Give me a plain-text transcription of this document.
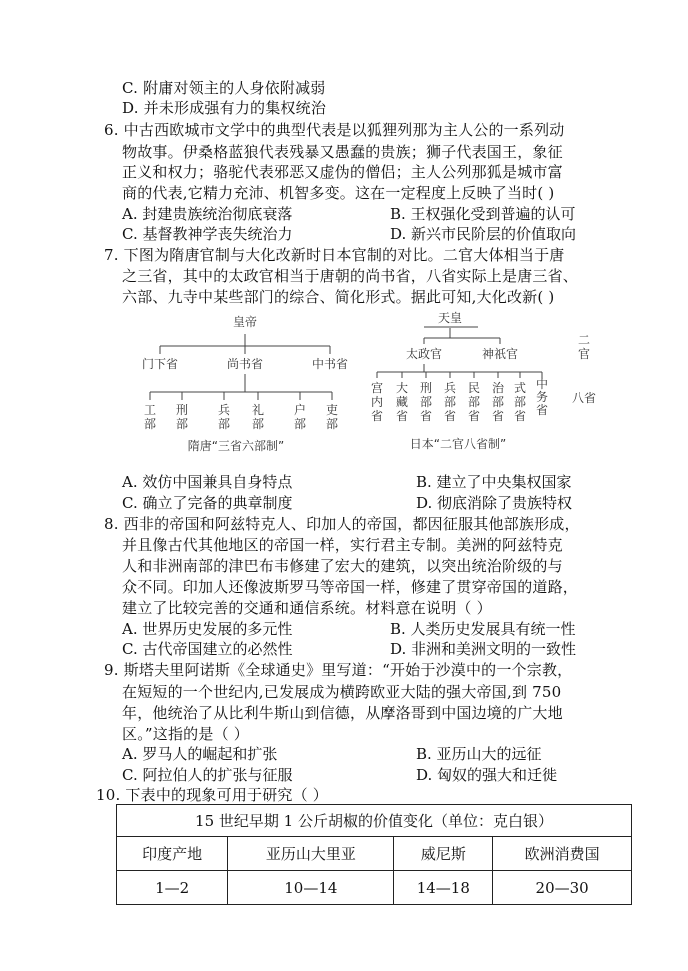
C. 附庸对领主的人身依附减弱
D. 并未形成强有力的集权统治
6. 中古西欧城市文学中的典型代表是以狐狸列那为主人公的一系列动
物故事。伊桑格蓝狼代表残暴又愚蠢的贵族；狮子代表国王，象征
正义和权力；骆驼代表邪恶又虚伪的僧侣；主人公列那狐是城市富
商的代表,它精力充沛、机智多变。这在一定程度上反映了当时( )
A. 封建贵族统治彻底衰落	B. 王权强化受到普遍的认可
C. 基督教神学丧失统治力	D. 新兴市民阶层的价值取向
7. 下图为隋唐官制与大化改新时日本官制的对比。二官大体相当于唐
之三省，其中的太政官相当于唐朝的尚书省，八省实际上是唐三省、
六部、九寺中某些部门的综合、简化形式。据此可知,大化改新( )
皇帝
门下省	尚书省	中书省
工部
刑部
兵部
礼部
户部
吏部
隋唐“三省六部制”
天皇
太政官	神祇官
宫内省
大藏省
刑部省
兵部省
民部省
治部省
式部省
中务省
日本“二官八省制”
二官
八省
A. 效仿中国兼具自身特点	B. 建立了中央集权国家
C. 确立了完备的典章制度	D. 彻底消除了贵族特权
8. 西非的帝国和阿兹特克人、印加人的帝国，都因征服其他部族形成，
并且像古代其他地区的帝国一样，实行君主专制。美洲的阿兹特克
人和非洲南部的津巴布韦修建了宏大的建筑，以突出统治阶级的与
众不同。印加人还像波斯罗马等帝国一样，修建了贯穿帝国的道路，
建立了比较完善的交通和通信系统。材料意在说明（ ）
A. 世界历史发展的多元性	B. 人类历史发展具有统一性
C. 古代帝国建立的必然性	D. 非洲和美洲文明的一致性
9. 斯塔夫里阿诺斯《全球通史》里写道：“开始于沙漠中的一个宗教，
在短短的一个世纪内,已发展成为横跨欧亚大陆的强大帝国,到 750
年，他统治了从比利牛斯山到信德，从摩洛哥到中国边境的广大地
区。”这指的是（ ）
A. 罗马人的崛起和扩张	B. 亚历山大的远征
C. 阿拉伯人的扩张与征服	D. 匈奴的强大和迁徙
10. 下表中的现象可用于研究（ ）
15 世纪早期 1 公斤胡椒的价值变化（单位：克白银）			
印度产地	亚历山大里亚	威尼斯	欧洲消费国
1—2	10—14	14—18	20—30
